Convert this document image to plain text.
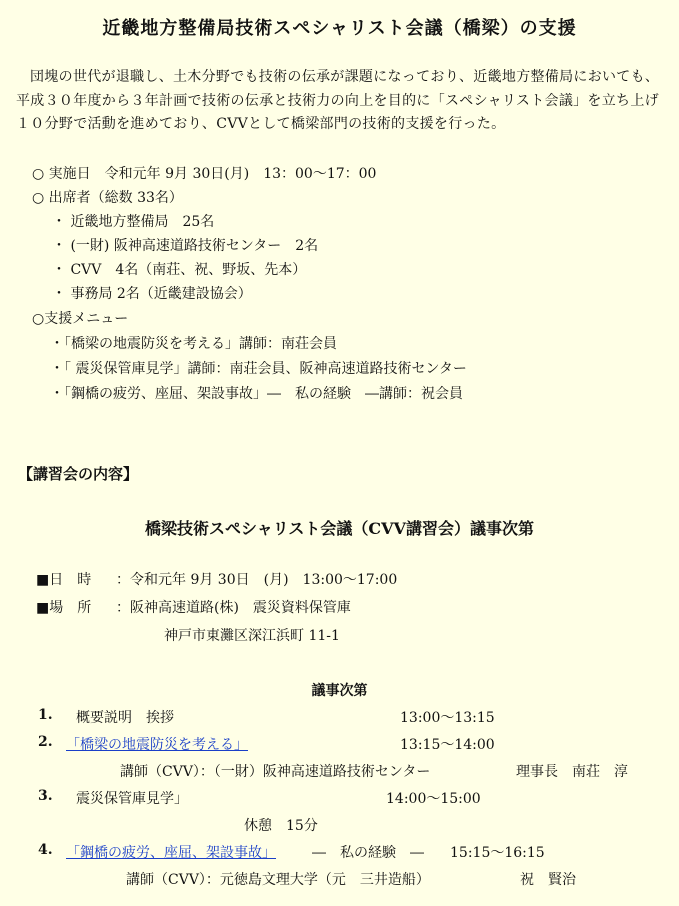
近畿地方整備局技術スペシャリスト会議（橋梁）の支援
団塊の世代が退職し、土木分野でも技術の伝承が課題になっており、近畿地方整備局においても、平成３０年度から３年計画で技術の伝承と技術力の向上を目的に「スペシャリスト会議」を立ち上げ１０分野で活動を進めており、CVVとして橋梁部門の技術的支援を行った。
○ 実施日　令和元年 9月 30日(月)　13：00～17：00
○ 出席者（総数 33名）
・ 近畿地方整備局　25名
・ (一財) 阪神高速道路技術センター　2名
・ CVV　4名（南荘、祝、野坂、先本）
・ 事務局 2名（近畿建設協会）
○支援メニュー
・「橋梁の地震防災を考える」講師：南荘会員
・「 震災保管庫見学」講師：南荘会員、阪神高速道路技術センター
・「鋼橋の疲労、座屈、架設事故」―　私の経験　―講師：祝会員
【講習会の内容】
橋梁技術スペシャリスト会議（CVV講習会）議事次第
■日　時 ：令和元年 9月 30日　(月)　13:00～17:00
■場　所 ：阪神高速道路(株)　震災資料保管庫
神戸市東灘区深江浜町 11-1
議事次第
1. 概要説明　挨拶	13:00～13:15
2. 「橋梁の地震防災を考える」	13:15～14:00
講師（CVV）：（一財）阪神高速道路技術センター	理事長　南荘　淳
3. 震災保管庫見学」	14:00～15:00
休憩　15分
4. 「鋼橋の疲労、座屈、架設事故」	―　私の経験　― 15:15～16:15
講師（CVV）：元徳島文理大学（元　三井造船）	祝　賢治
